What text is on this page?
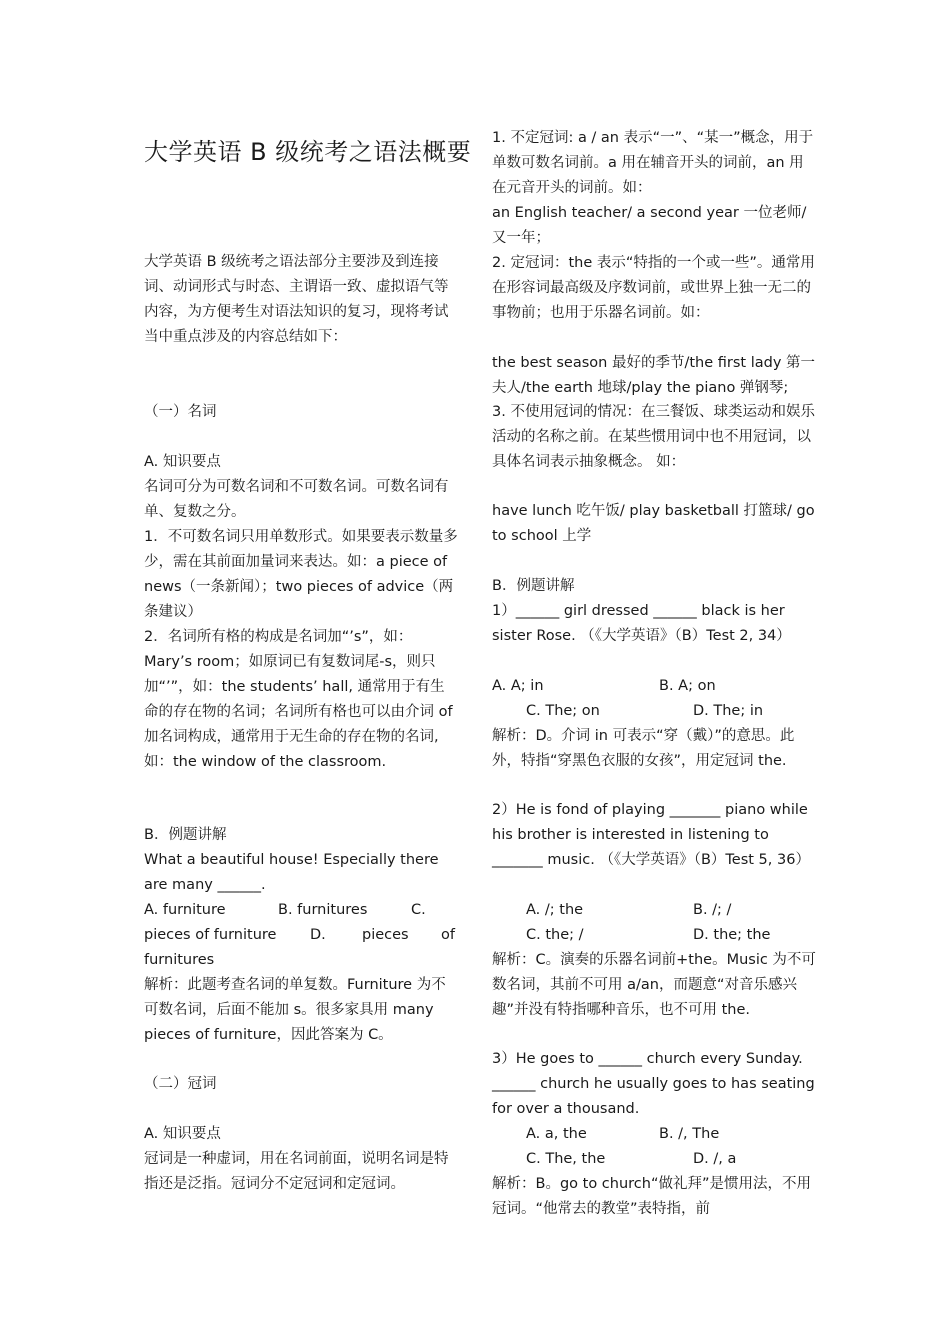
大学英语 B 级统考之语法概要

大学英语 B 级统考之语法部分主要涉及到连接词、动词形式与时态、主谓语一致、虚拟语气等内容，为方便考生对语法知识的复习，现将考试当中重点涉及的内容总结如下：

（一）名词

A. 知识要点

名词可分为可数名词和不可数名词。可数名词有单、复数之分。

1．不可数名词只用单数形式。如果要表示数量多少，需在其前面加量词来表达。如：a piece of news（一条新闻）；two pieces of advice（两条建议）

2．名词所有格的构成是名词加“’s”，如：Mary’s room；如原词已有复数词尾-s，则只加“’”，如：the students’ hall, 通常用于有生命的存在物的名词；名词所有格也可以由介词 of 加名词构成，通常用于无生命的存在物的名词, 如：the window of the classroom.

B．例题讲解

What a beautiful house! Especially there are many ______.

A. furniture	B. furnitures	C.
pieces of furniture D. pieces of
furnitures

解析：此题考查名词的单复数。Furniture 为不可数名词，后面不能加 s。很多家具用 many pieces of furniture，因此答案为 C。

（二）冠词

A. 知识要点

冠词是一种虚词，用在名词前面，说明名词是特指还是泛指。冠词分不定冠词和定冠词。

1. 不定冠词: a / an 表示“一”、“某一”概念，用于单数可数名词前。a 用在辅音开头的词前，an 用在元音开头的词前。如：

an English teacher/ a second year 一位老师/ 又一年；

2. 定冠词：the 表示“特指的一个或一些”。通常用在形容词最高级及序数词前，或世界上独一无二的事物前；也用于乐器名词前。如：

the best season 最好的季节/the first lady 第一夫人/the earth 地球/play the piano 弹钢琴;

3. 不使用冠词的情况：在三餐饭、球类运动和娱乐活动的名称之前。在某些惯用词中也不用冠词，以具体名词表示抽象概念。 如：

have lunch 吃午饭/ play basketball 打篮球/ go to school 上学

B．例题讲解

1）______ girl dressed ______ black is her sister Rose. （《大学英语》（B）Test 2, 34）

A. A; in	B. A; on
C. The; on	D. The; in

解析：D。介词 in 可表示“穿（戴）”的意思。此外，特指“穿黑色衣服的女孩”，用定冠词 the.

2）He is fond of playing _______ piano while his brother is interested in listening to _______ music. （《大学英语》（B）Test 5, 36）

A. /; the	B. /; /
C. the; /	D. the; the

解析：C。演奏的乐器名词前+the。Music 为不可数名词，其前不可用 a/an，而题意“对音乐感兴趣”并没有特指哪种音乐，也不可用 the.

3）He goes to ______ church every Sunday. ______ church he usually goes to has seating for over a thousand.

A. a, the	B. /, The
C. The, the	D. /, a

解析：B。go to church“做礼拜”是惯用法，不用冠词。“他常去的教堂”表特指，前
